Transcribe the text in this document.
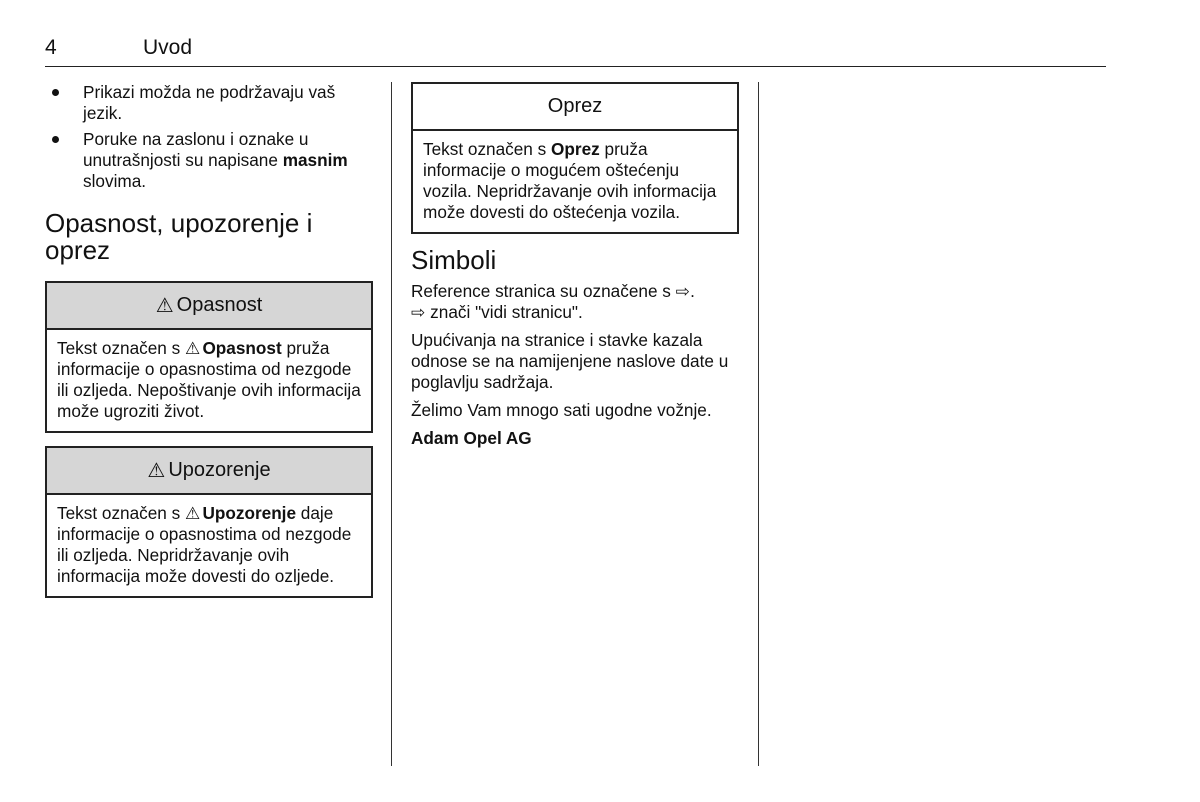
4	Uvod
Prikazi možda ne podržavaju vaš jezik.
Poruke na zaslonu i oznake u unutrašnjosti su napisane masnim slovima.
Opasnost, upozorenje i oprez
⚠ Opasnost
Tekst označen s ⚠ Opasnost pruža informacije o opasnostima od nezgode ili ozljeda. Nepoštivanje ovih informacija može ugroziti život.
⚠ Upozorenje
Tekst označen s ⚠ Upozorenje daje informacije o opasnostima od nezgode ili ozljeda. Nepridržavanje ovih informacija može dovesti do ozljede.
Oprez
Tekst označen s Oprez pruža informacije o mogućem oštećenju vozila. Nepridržavanje ovih informacija može dovesti do oštećenja vozila.
Simboli

Reference stranica su označene s ⇨.
⇨ znači "vidi stranicu".

Upućivanja na stranice i stavke kazala odnose se na namijenjene naslove date u poglavlju sadržaja.

Želimo Vam mnogo sati ugodne vožnje.

Adam Opel AG
